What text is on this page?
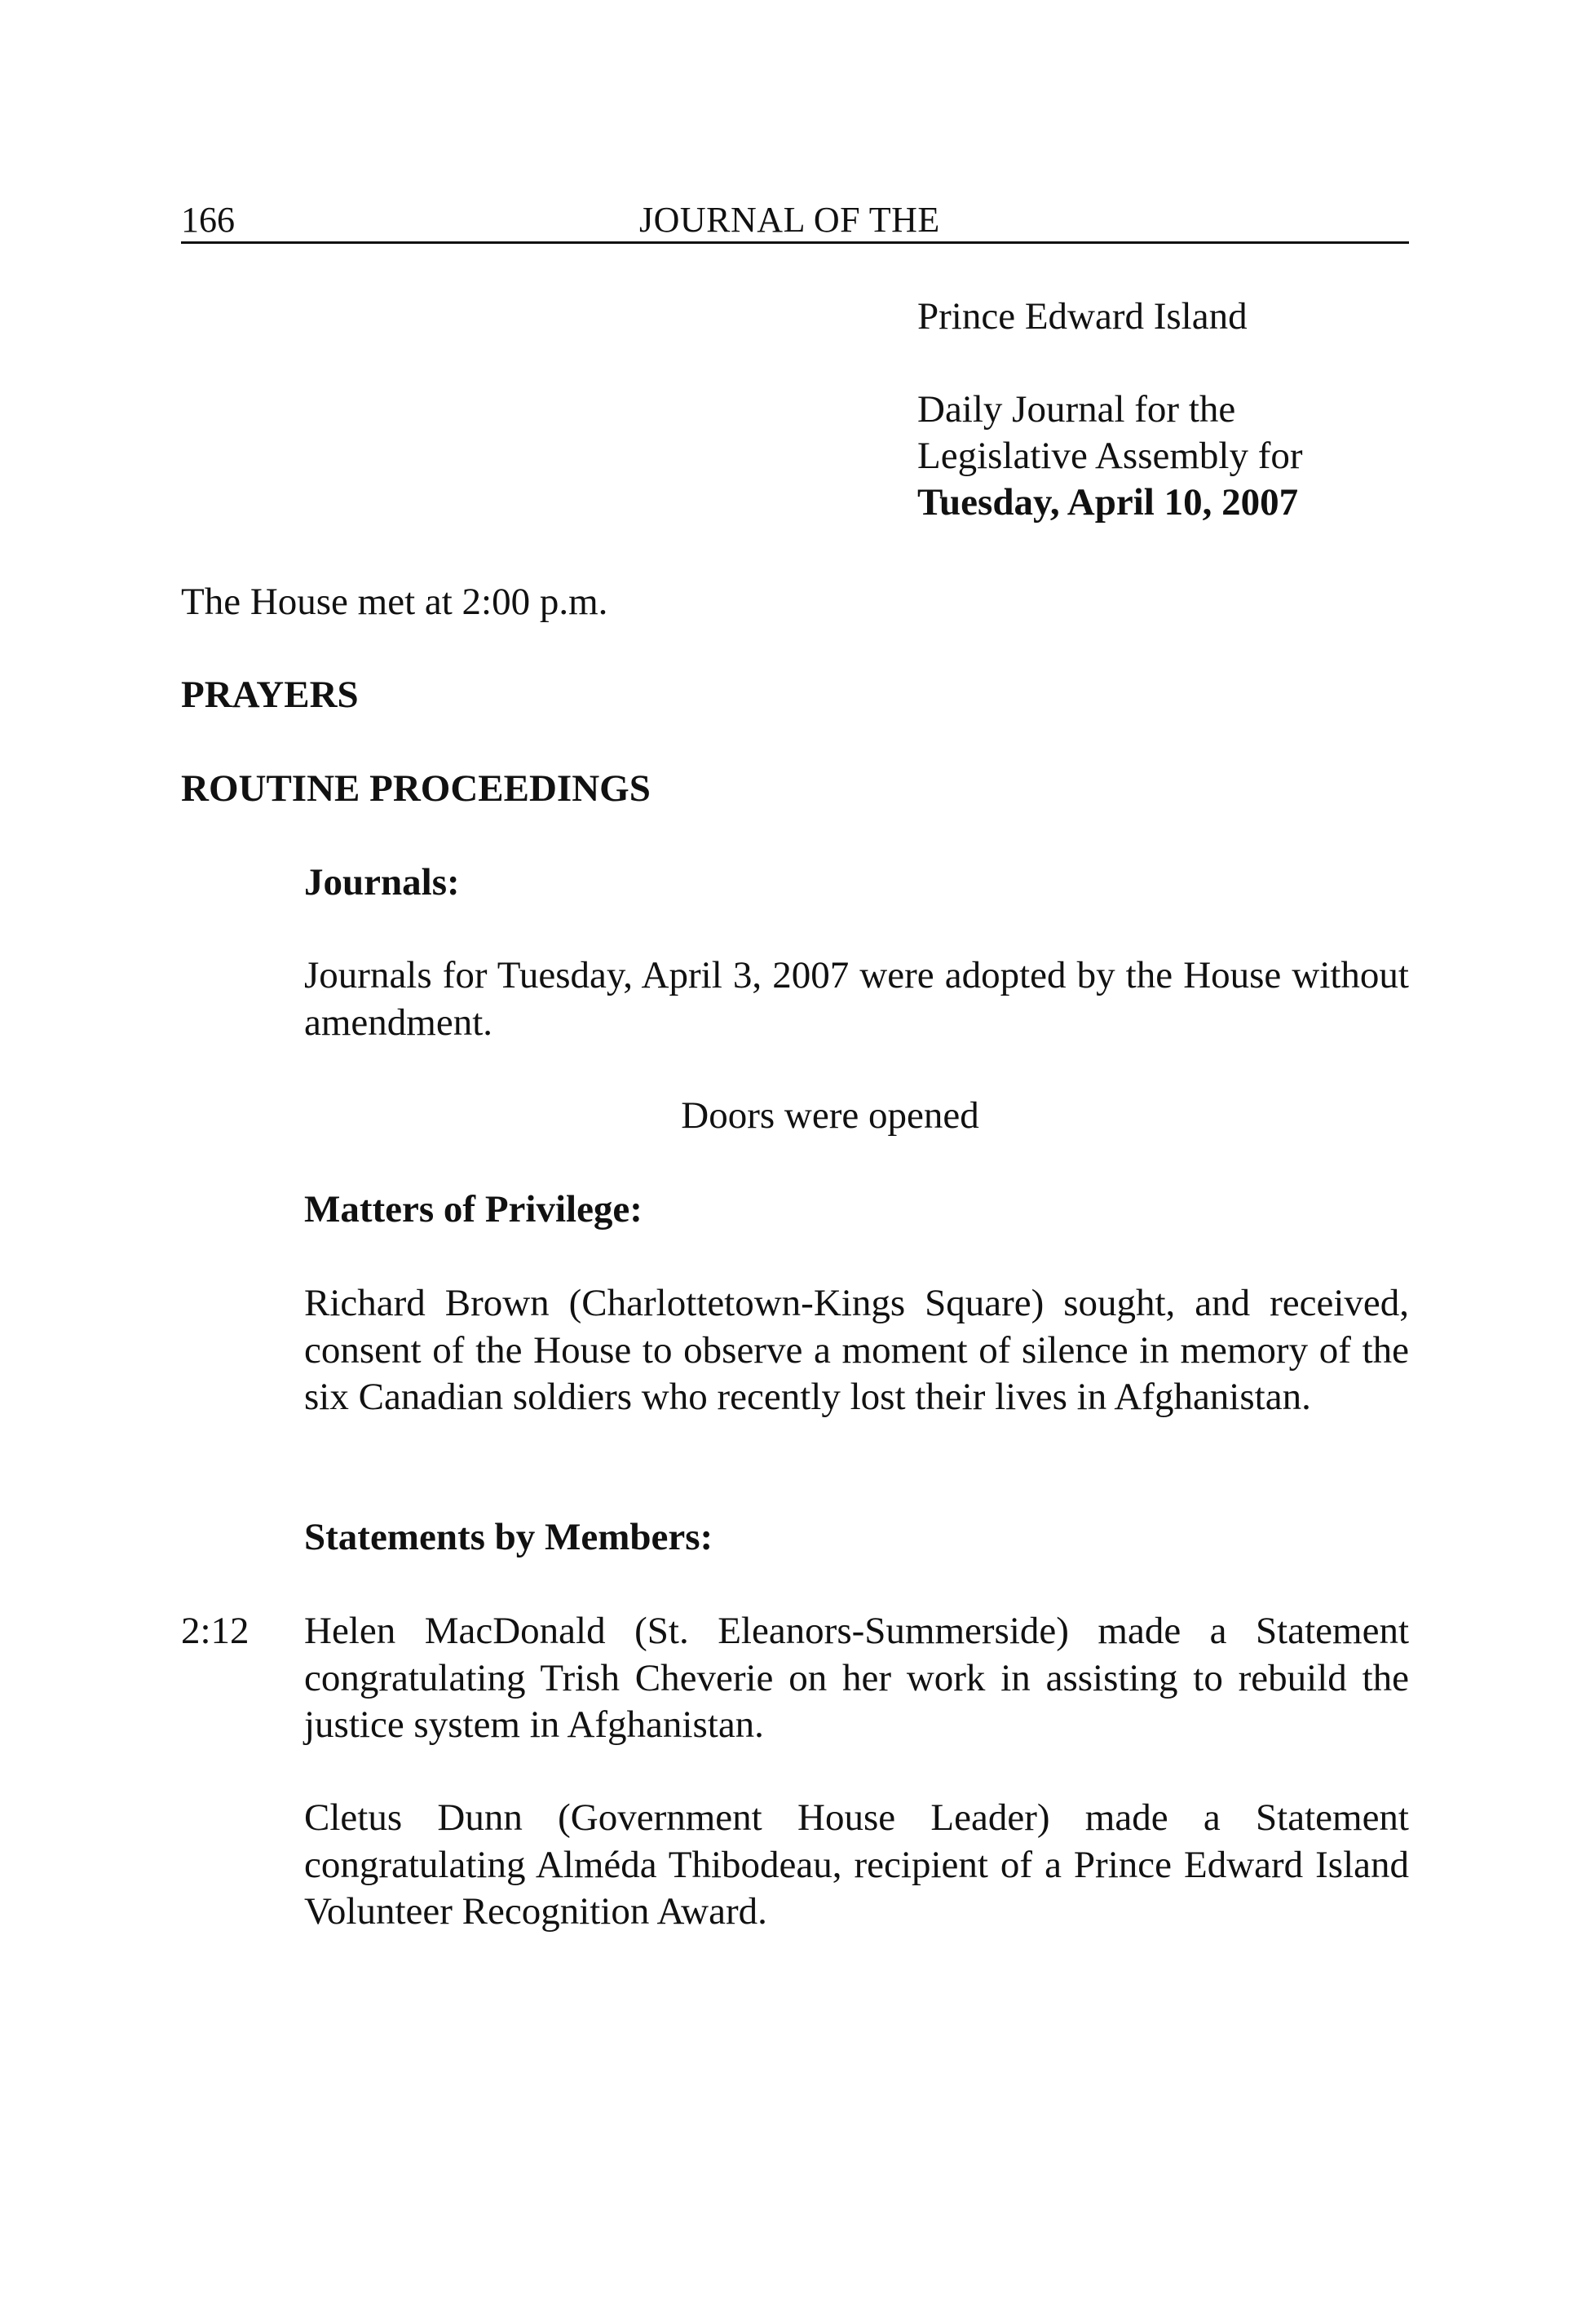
166	JOURNAL OF THE
Prince Edward Island
Daily Journal for the
Legislative Assembly for
Tuesday, April 10, 2007
The House met at 2:00 p.m.
PRAYERS
ROUTINE PROCEEDINGS
Journals:
Journals for Tuesday, April 3, 2007 were adopted by the House without amendment.
Doors were opened
Matters of Privilege:
Richard Brown (Charlottetown-Kings Square) sought, and received, consent of the House to observe a moment of silence in memory of the six Canadian soldiers who recently lost their lives in Afghanistan.
Statements by Members:
2:12 Helen MacDonald (St. Eleanors-Summerside) made a Statement congratulating Trish Cheverie on her work in assisting to rebuild the justice system in Afghanistan.
Cletus Dunn (Government House Leader) made a Statement congratulating Alméda Thibodeau, recipient of a Prince Edward Island Volunteer Recognition Award.
